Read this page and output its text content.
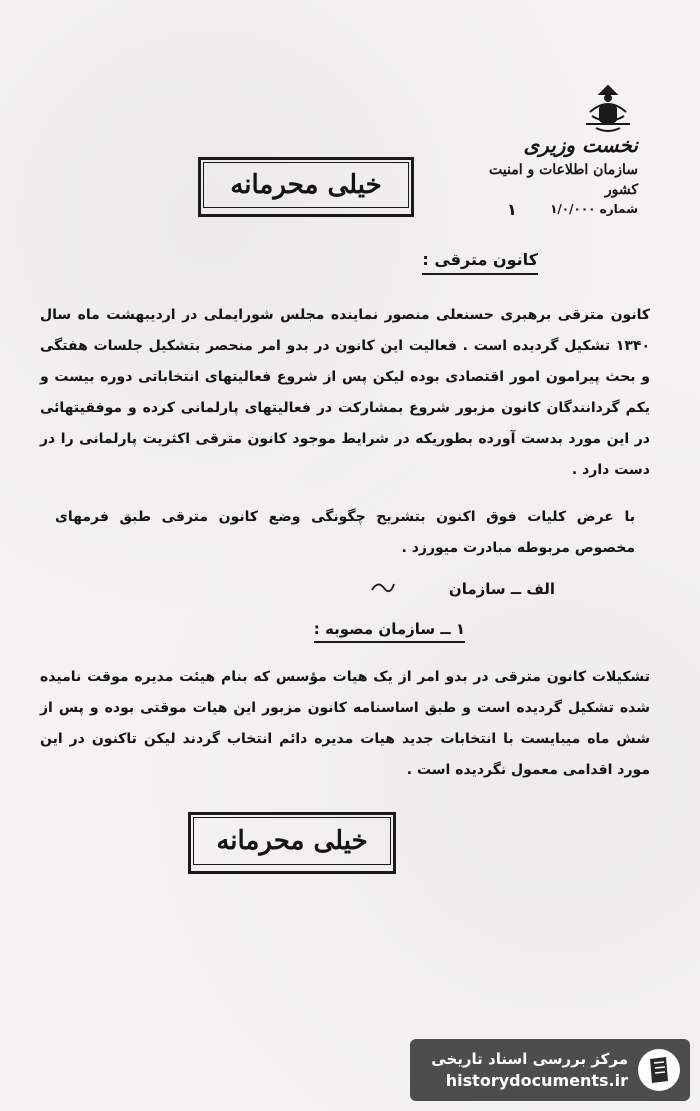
نخست وزیری
سازمان اطلاعات و امنیت کشور
شماره ۱/۰/۰۰۰
خیلی محرمانه
۱
کانون مترقی :
کانون مترقی برهبری حسنعلی منصور نماینده مجلس شورایملی در اردیبهشت ماه سال ۱۳۴۰ تشکیل گردیده است . فعالیت این کانون در بدو امر منحصر بتشکیل جلسات هفتگی و بحث پیرامون امور اقتصادی بوده لیکن پس از شروع فعالیتهای انتخاباتی دوره بیست و یکم گردانندگان کانون مزبور شروع بمشارکت در فعالیتهای پارلمانی کرده و موفقیتهائی در این مورد بدست آورده بطوریکه در شرایط موجود کانون مترقی اکثریت پارلمانی را در دست دارد .
با عرض کلیات فوق اکنون بتشریح چگونگی وضع کانون مترقی طبق فرمهای مخصوص مربوطه مبادرت میورزد .
الف ــ سازمان
۱ ــ سازمان مصوبه :
تشکیلات کانون مترقی در بدو امر از یک هیات مؤسس که بنام هیئت مدیره موقت نامیده شده تشکیل گردیده است و طبق اساسنامه کانون مزبور این هیات موقتی بوده و پس از شش ماه میبایست با انتخابات جدید هیات مدیره دائم انتخاب گردند لیکن تاکنون در این مورد اقدامی معمول نگردیده است .
خیلی محرمانه
مرکز بررسی اسناد تاریخی
historydocuments.ir
